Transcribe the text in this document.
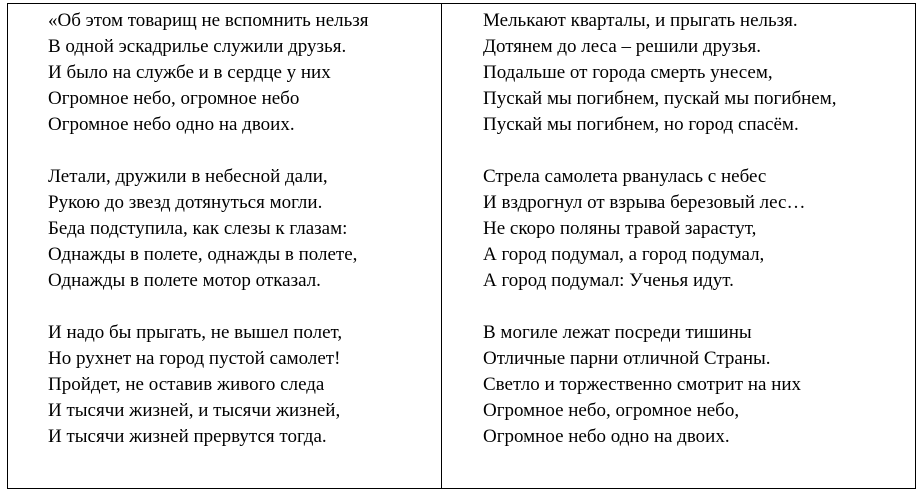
«Об этом товарищ не вспомнить нельзя
В одной эскадрилье служили друзья.
И было на службе и в сердце у них
Огромное небо, огромное небо
Огромное небо одно на двоих.
Летали, дружили в небесной дали,
Рукою до звезд дотянуться могли.
Беда подступила, как слезы к глазам:
Однажды в полете, однажды в полете,
Однажды в полете мотор отказал.
И надо бы прыгать, не вышел полет,
Но рухнет на город пустой самолет!
Пройдет, не оставив живого следа
И тысячи жизней, и тысячи жизней,
И тысячи жизней прервутся тогда.
Мелькают кварталы, и прыгать нельзя.
Дотянем до леса – решили друзья.
Подальше от города смерть унесем,
Пускай мы погибнем, пускай мы погибнем,
Пускай мы погибнем, но город спасём.
Стрела самолета рванулась с небес
И вздрогнул от взрыва березовый лес…
Не скоро поляны травой зарастут,
А город подумал, а город подумал,
А город подумал: Ученья идут.
В могиле лежат посреди тишины
Отличные парни отличной Страны.
Светло и торжественно смотрит на них
Огромное небо, огромное небо,
Огромное небо одно на двоих.
